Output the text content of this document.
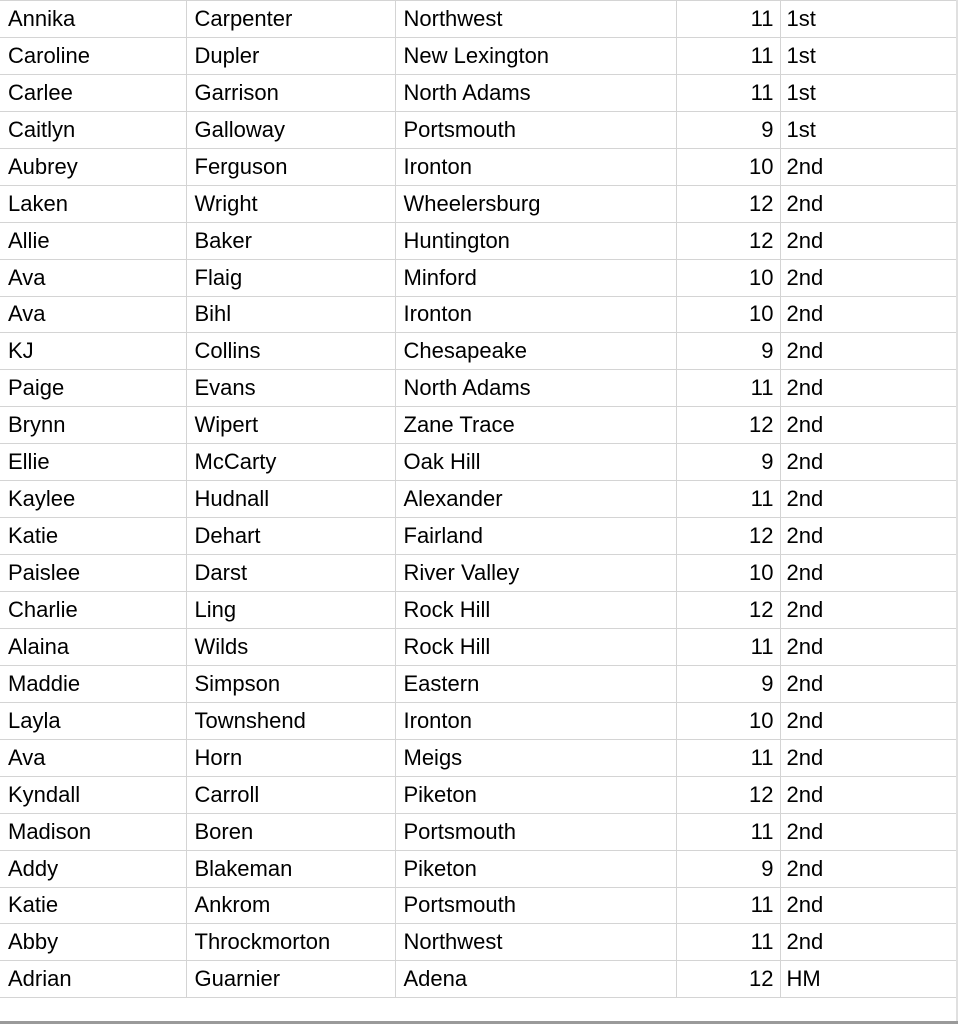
Annika	Carpenter	Northwest	11	1st
Caroline	Dupler	New Lexington	11	1st
Carlee	Garrison	North Adams	11	1st
Caitlyn	Galloway	Portsmouth	9	1st
Aubrey	Ferguson	Ironton	10	2nd
Laken	Wright	Wheelersburg	12	2nd
Allie	Baker	Huntington	12	2nd
Ava	Flaig	Minford	10	2nd
Ava	Bihl	Ironton	10	2nd
KJ	Collins	Chesapeake	9	2nd
Paige	Evans	North Adams	11	2nd
Brynn	Wipert	Zane Trace	12	2nd
Ellie	McCarty	Oak Hill	9	2nd
Kaylee	Hudnall	Alexander	11	2nd
Katie	Dehart	Fairland	12	2nd
Paislee	Darst	River Valley	10	2nd
Charlie	Ling	Rock Hill	12	2nd
Alaina	Wilds	Rock Hill	11	2nd
Maddie	Simpson	Eastern	9	2nd
Layla	Townshend	Ironton	10	2nd
Ava	Horn	Meigs	11	2nd
Kyndall	Carroll	Piketon	12	2nd
Madison	Boren	Portsmouth	11	2nd
Addy	Blakeman	Piketon	9	2nd
Katie	Ankrom	Portsmouth	11	2nd
Abby	Throckmorton	Northwest	11	2nd
Adrian	Guarnier	Adena	12	HM
